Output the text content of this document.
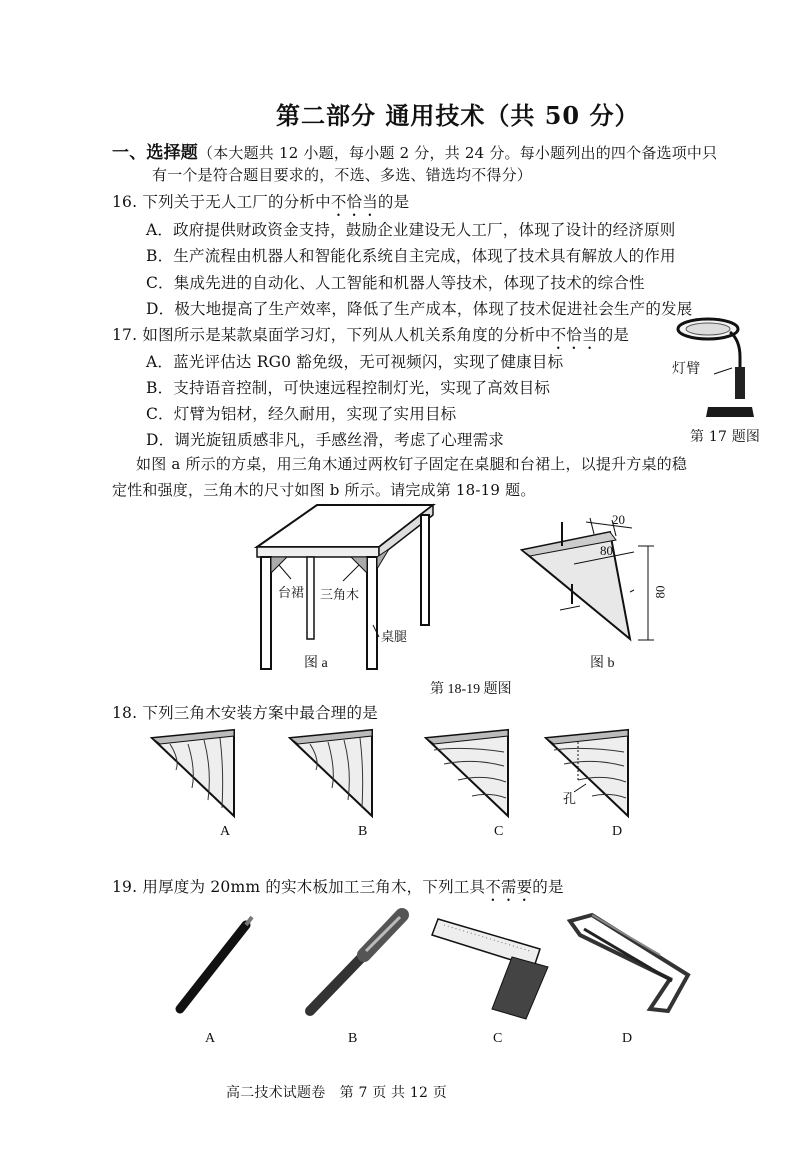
第二部分 通用技术（共 50 分）
一、选择题（本大题共 12 小题，每小题 2 分，共 24 分。每小题列出的四个备选项中只
有一个是符合题目要求的，不选、多选、错选均不得分）
16. 下列关于无人工厂的分析中不恰当的是
A．政府提供财政资金支持，鼓励企业建设无人工厂，体现了设计的经济原则
B．生产流程由机器人和智能化系统自主完成，体现了技术具有解放人的作用
C．集成先进的自动化、人工智能和机器人等技术，体现了技术的综合性
D．极大地提高了生产效率，降低了生产成本，体现了技术促进社会生产的发展
17. 如图所示是某款桌面学习灯，下列从人机关系角度的分析中不恰当的是
A．蓝光评估达 RG0 豁免级，无可视频闪，实现了健康目标
B．支持语音控制，可快速远程控制灯光，实现了高效目标
C．灯臂为铝材，经久耐用，实现了实用目标
D．调光旋钮质感非凡，手感丝滑，考虑了心理需求
灯臂
第 17 题图
如图 a 所示的方桌，用三角木通过两枚钉子固定在桌腿和台裙上，以提升方桌的稳
定性和强度，三角木的尺寸如图 b 所示。请完成第 18-19 题。
台裙 三角木
桌腿
图 a
20
80
80
图 b
第 18-19 题图
18. 下列三角木安装方案中最合理的是
孔
A	B	C	D
19. 用厚度为 20mm 的实木板加工三角木，下列工具不需要的是
A	B	C	D
高二技术试题卷　第 7 页 共 12 页
